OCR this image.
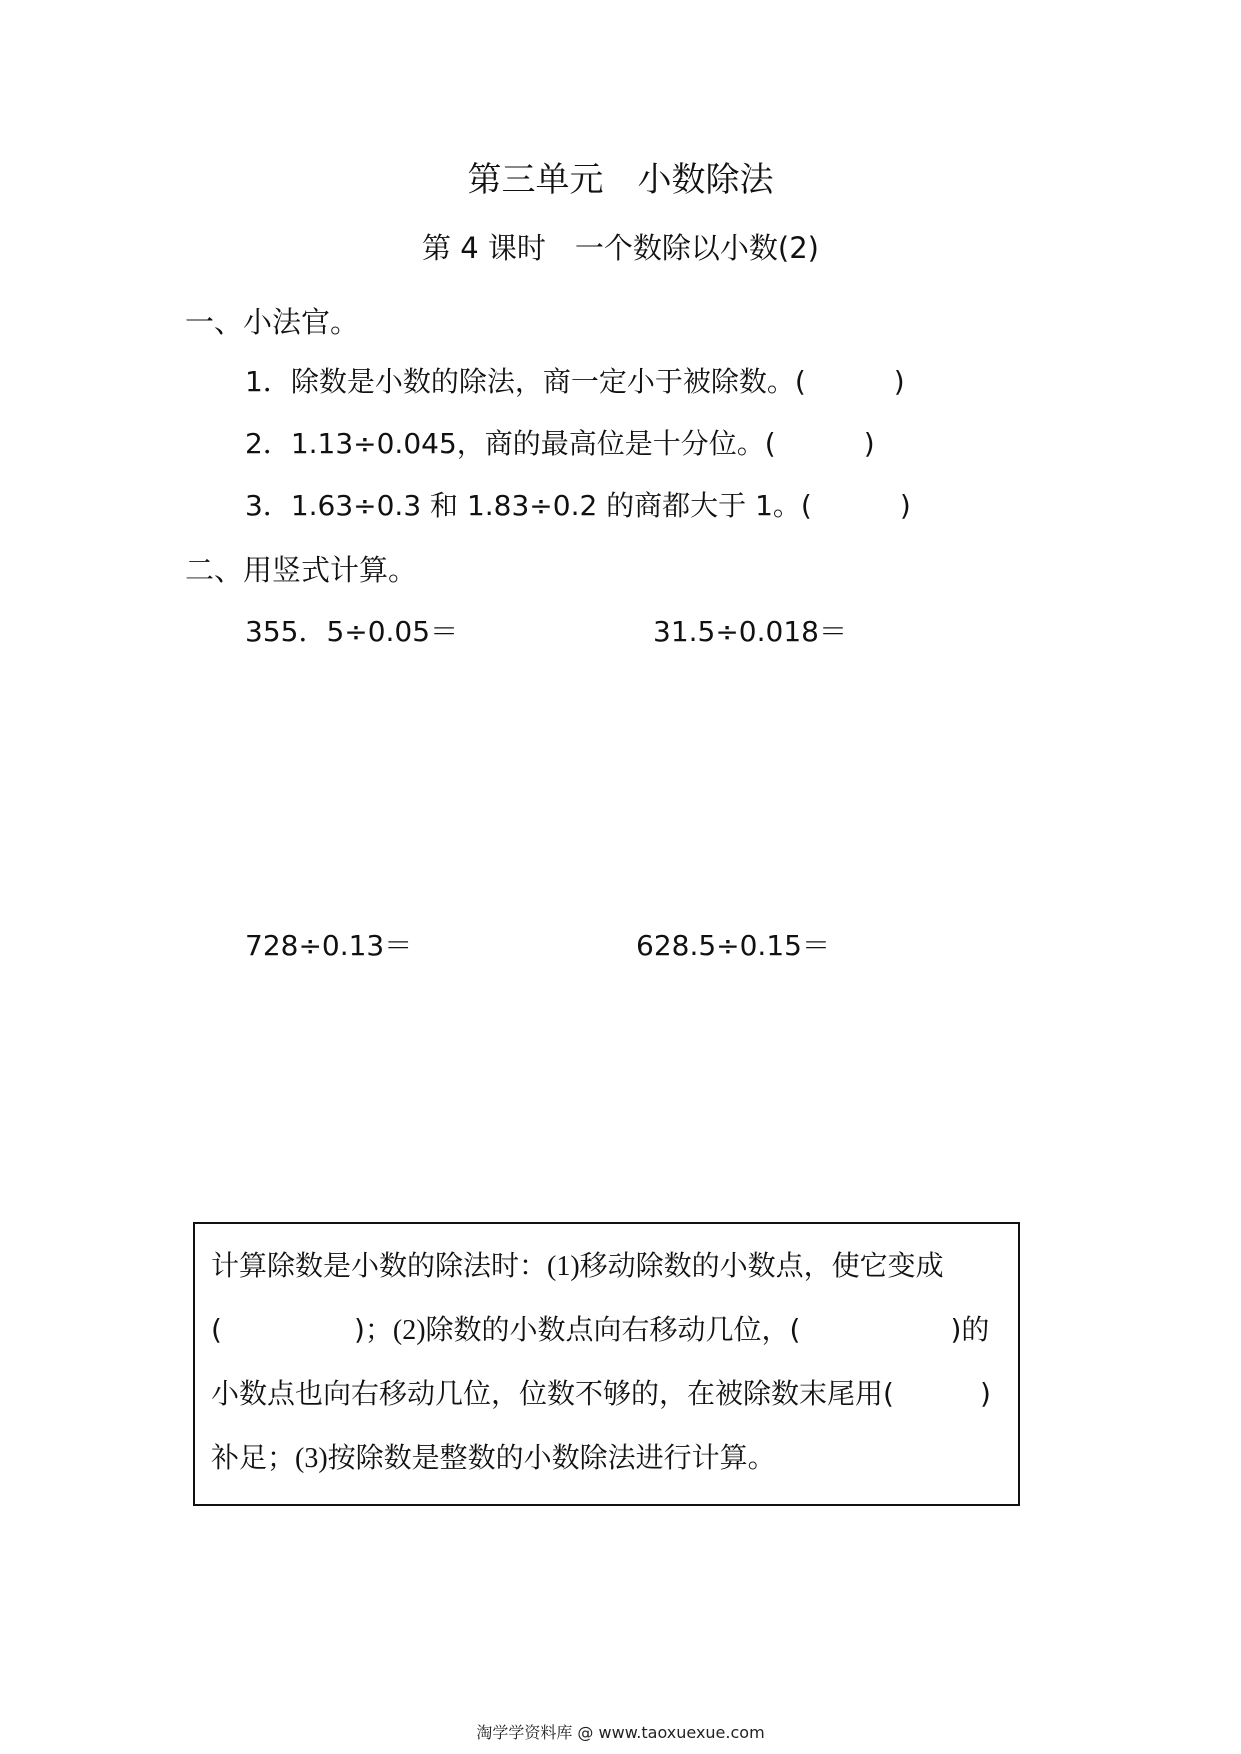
第三单元　小数除法
第 4 课时　一个数除以小数(2)
一、小法官。
1．除数是小数的除法，商一定小于被除数。(	)
2．1.13÷0.045，商的最高位是十分位。(	)
3．1.63÷0.3 和 1.83÷0.2 的商都大于 1。(	)
二、用竖式计算。
355．5÷0.05＝	31.5÷0.018＝
728÷0.13＝	628.5÷0.15＝
计算除数是小数的除法时：(1)移动除数的小数点，使它变成
(	)；(2)除数的小数点向右移动几位，(	)的
小数点也向右移动几位，位数不够的，在被除数末尾用(	)
补足；(3)按除数是整数的小数除法进行计算。
淘学学资料库 @ www.taoxuexue.com
